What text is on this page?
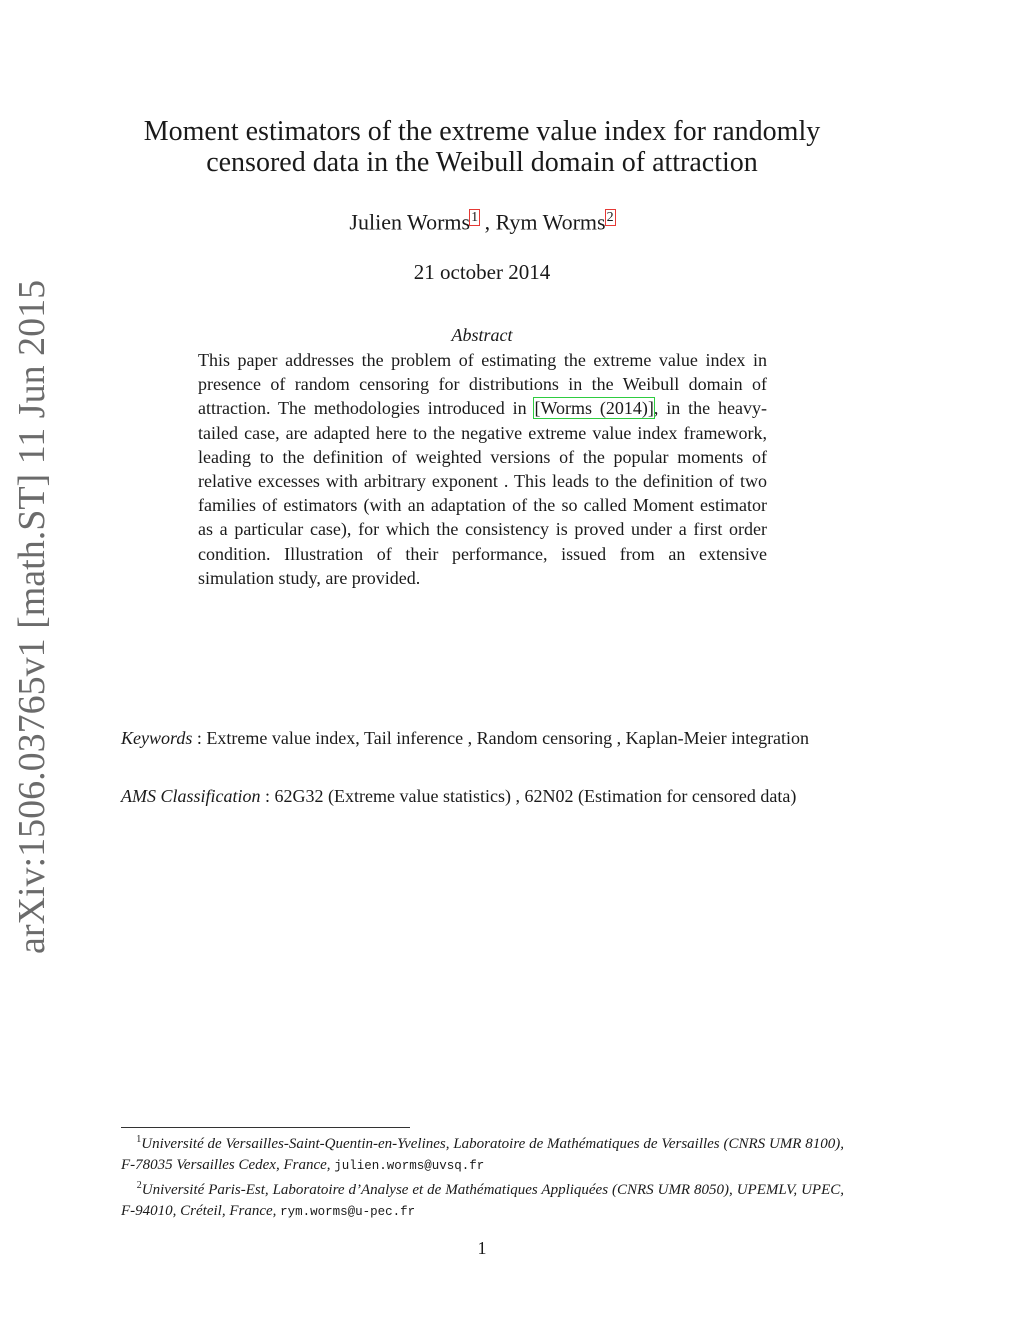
arXiv:1506.03765v1 [math.ST] 11 Jun 2015
Moment estimators of the extreme value index for randomly
censored data in the Weibull domain of attraction
Julien Worms$^1$ , Rym Worms$^2$
21 october 2014
Abstract
This paper addresses the problem of estimating the extreme value index in presence of random censoring for distributions in the Weibull domain of attraction. The methodologies introduced in [Worms (2014)], in the heavy-tailed case, are adapted here to the negative extreme value index framework, leading to the definition of weighted versions of the popular moments of relative excesses with arbitrary exponent . This leads to the definition of two families of estimators (with an adaptation of the so called Moment estimator as a particular case), for which the consistency is proved under a first order condition. Illustration of their performance, issued from an extensive simulation study, are provided.
Keywords : Extreme value index, Tail inference , Random censoring , Kaplan-Meier integration
AMS Classification : 62G32 (Extreme value statistics) , 62N02 (Estimation for censored data)
$^1$Université de Versailles-Saint-Quentin-en-Yvelines, Laboratoire de Mathématiques de Versailles (CNRS UMR 8100), F-78035 Versailles Cedex, France, julien.worms@uvsq.fr
$^2$Université Paris-Est, Laboratoire d’Analyse et de Mathématiques Appliquées (CNRS UMR 8050), UPEMLV, UPEC, F-94010, Créteil, France, rym.worms@u-pec.fr
1
